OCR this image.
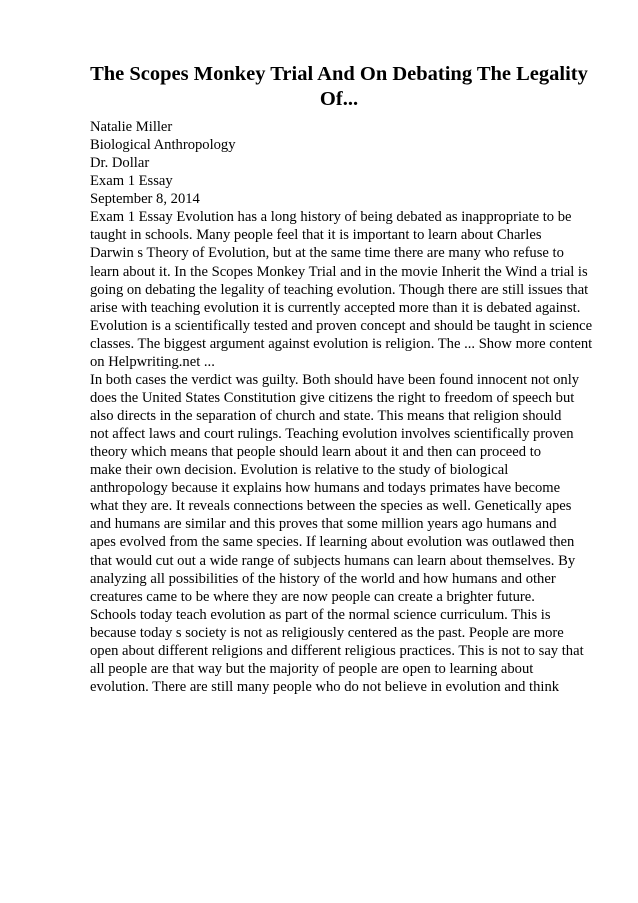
The Scopes Monkey Trial And On Debating The Legality
Of...
Natalie Miller
Biological Anthropology
Dr. Dollar
Exam 1 Essay
September 8, 2014
Exam 1 Essay Evolution has a long history of being debated as inappropriate to be
taught in schools. Many people feel that it is important to learn about Charles
Darwin s Theory of Evolution, but at the same time there are many who refuse to
learn about it. In the Scopes Monkey Trial and in the movie Inherit the Wind a trial is
going on debating the legality of teaching evolution. Though there are still issues that
arise with teaching evolution it is currently accepted more than it is debated against.
Evolution is a scientifically tested and proven concept and should be taught in science
classes. The biggest argument against evolution is religion. The ... Show more content
on Helpwriting.net ...
In both cases the verdict was guilty. Both should have been found innocent not only
does the United States Constitution give citizens the right to freedom of speech but
also directs in the separation of church and state. This means that religion should
not affect laws and court rulings. Teaching evolution involves scientifically proven
theory which means that people should learn about it and then can proceed to
make their own decision. Evolution is relative to the study of biological
anthropology because it explains how humans and todays primates have become
what they are. It reveals connections between the species as well. Genetically apes
and humans are similar and this proves that some million years ago humans and
apes evolved from the same species. If learning about evolution was outlawed then
that would cut out a wide range of subjects humans can learn about themselves. By
analyzing all possibilities of the history of the world and how humans and other
creatures came to be where they are now people can create a brighter future.
Schools today teach evolution as part of the normal science curriculum. This is
because today s society is not as religiously centered as the past. People are more
open about different religions and different religious practices. This is not to say that
all people are that way but the majority of people are open to learning about
evolution. There are still many people who do not believe in evolution and think
